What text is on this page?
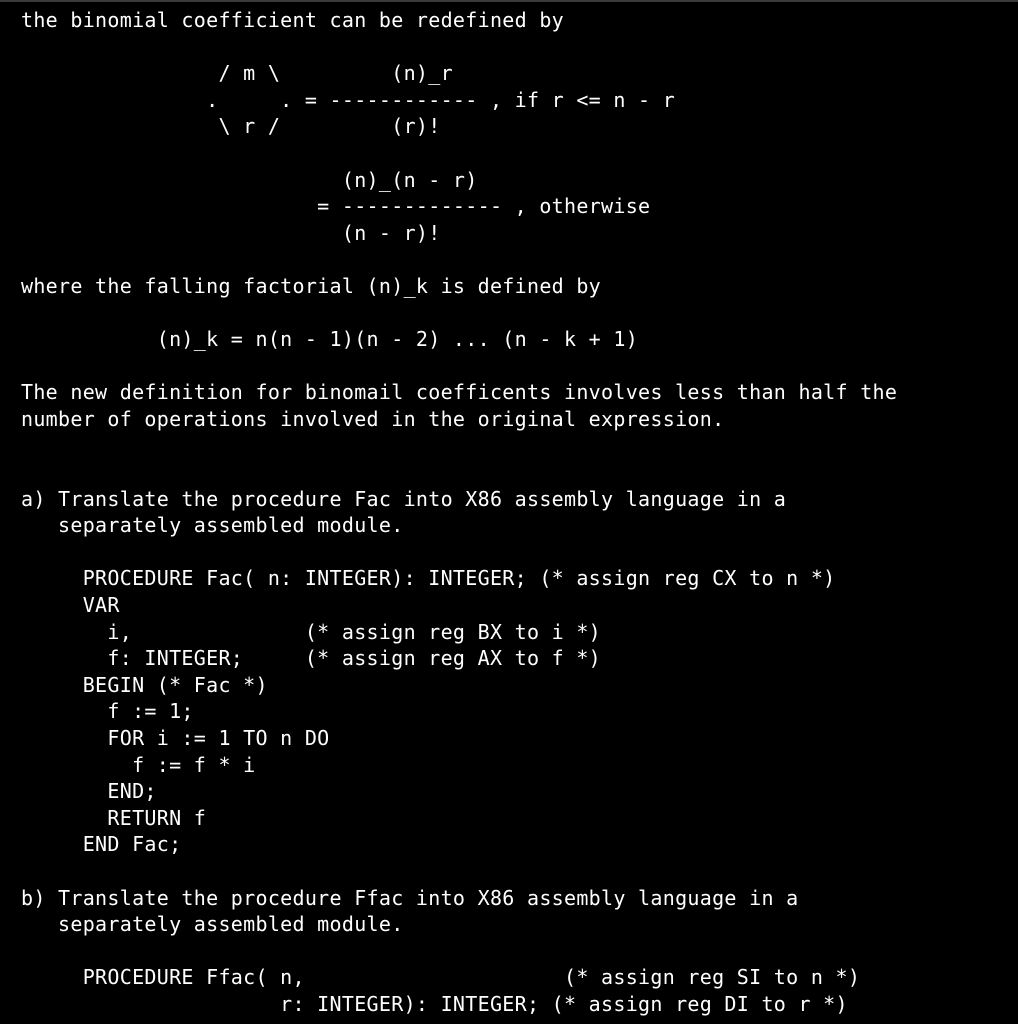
the binomial coefficient can be redefined by
/ m \         (n)_r
.     . = ------------ , if r <= n - r
\ r /         (r)!
(n)_(n - r)
= ------------- , otherwise
(n - r)!
where the falling factorial (n)_k is defined by
(n)_k = n(n - 1)(n - 2) ... (n - k + 1)
The new definition for binomail coefficents involves less than half the
number of operations involved in the original expression.
a) Translate the procedure Fac into X86 assembly language in a
separately assembled module.
PROCEDURE Fac( n: INTEGER): INTEGER; (* assign reg CX to n *)
VAR
i,              (* assign reg BX to i *)
f: INTEGER;     (* assign reg AX to f *)
BEGIN (* Fac *)
f := 1;
FOR i := 1 TO n DO
f := f * i
END;
RETURN f
END Fac;
b) Translate the procedure Ffac into X86 assembly language in a
separately assembled module.
PROCEDURE Ffac( n,                     (* assign reg SI to n *)
r: INTEGER): INTEGER; (* assign reg DI to r *)
